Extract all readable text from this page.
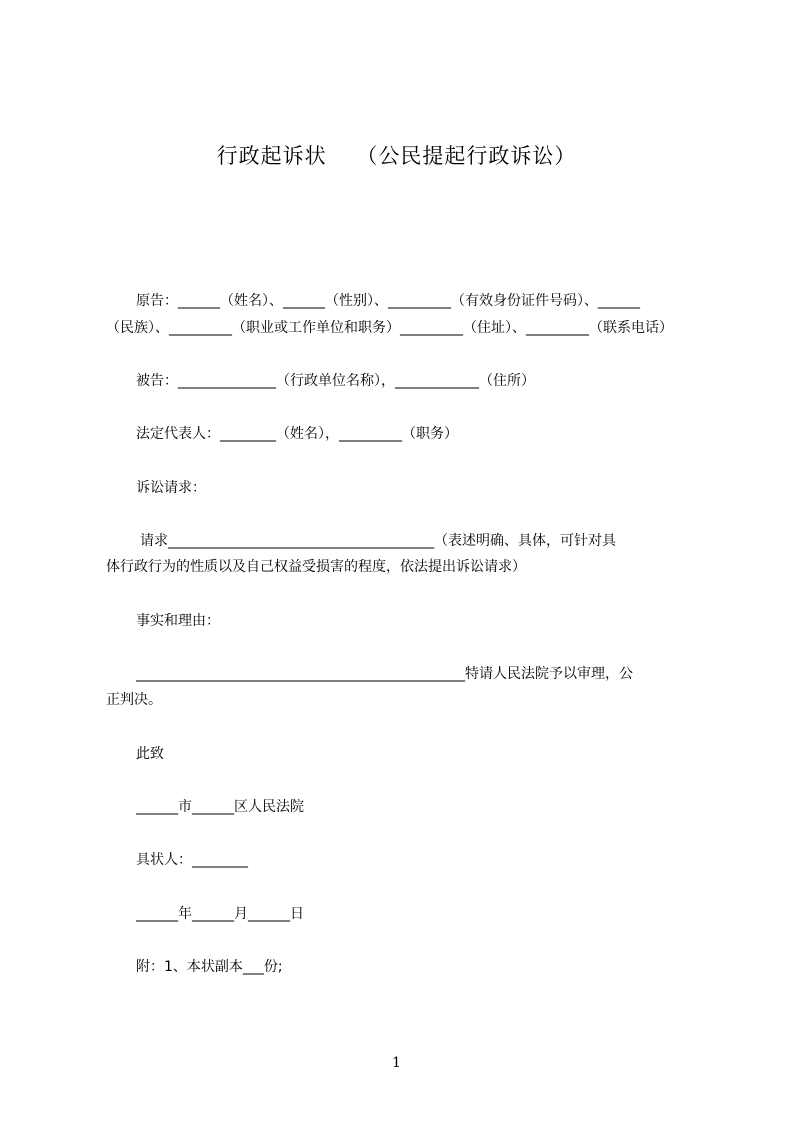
行政起诉状　 （公民提起行政诉讼）
原告：______（姓名）、______（性别）、_________（有效身份证件号码）、______
（民族）、_________（职业或工作单位和职务）_________（住址）、_________（联系电话）
被告：______________（行政单位名称），____________（住所）
法定代表人：________（姓名），_________（职务）
诉讼请求：
请求______________________________________（表述明确、具体，可针对具
体行政行为的性质以及自己权益受损害的程度，依法提出诉讼请求）
事实和理由：
_______________________________________________特请人民法院予以审理，公
正判决。
此致
______市______区人民法院
具状人：________
______年______月______日
附：1、本状副本___份;
1
